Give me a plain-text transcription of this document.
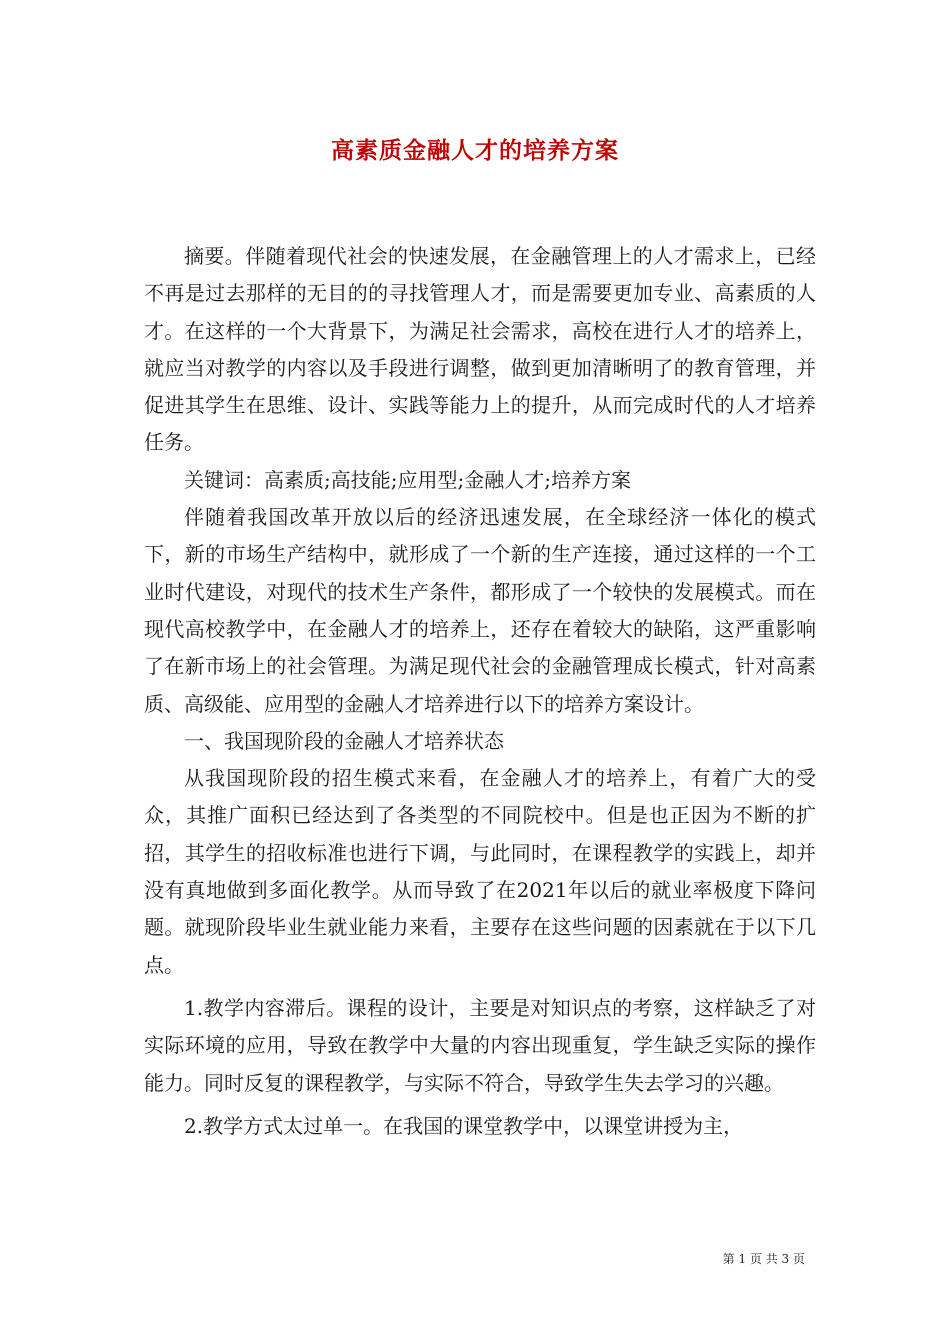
高素质金融人才的培养方案

摘要。伴随着现代社会的快速发展，在金融管理上的人才需求上，已经不再是过去那样的无目的的寻找管理人才，而是需要更加专业、高素质的人才。在这样的一个大背景下，为满足社会需求，高校在进行人才的培养上，就应当对教学的内容以及手段进行调整，做到更加清晰明了的教育管理，并促进其学生在思维、设计、实践等能力上的提升，从而完成时代的人才培养任务。

关键词：高素质;高技能;应用型;金融人才;培养方案

伴随着我国改革开放以后的经济迅速发展，在全球经济一体化的模式下，新的市场生产结构中，就形成了一个新的生产连接，通过这样的一个工业时代建设，对现代的技术生产条件，都形成了一个较快的发展模式。而在现代高校教学中，在金融人才的培养上，还存在着较大的缺陷，这严重影响了在新市场上的社会管理。为满足现代社会的金融管理成长模式，针对高素质、高级能、应用型的金融人才培养进行以下的培养方案设计。

一、我国现阶段的金融人才培养状态

从我国现阶段的招生模式来看，在金融人才的培养上，有着广大的受众，其推广面积已经达到了各类型的不同院校中。但是也正因为不断的扩招，其学生的招收标准也进行下调，与此同时，在课程教学的实践上，却并没有真地做到多面化教学。从而导致了在2021年以后的就业率极度下降问题。就现阶段毕业生就业能力来看，主要存在这些问题的因素就在于以下几点。

1.教学内容滞后。课程的设计，主要是对知识点的考察，这样缺乏了对实际环境的应用，导致在教学中大量的内容出现重复，学生缺乏实际的操作能力。同时反复的课程教学，与实际不符合，导致学生失去学习的兴趣。

2.教学方式太过单一。在我国的课堂教学中，以课堂讲授为主，

第 1 页 共 3 页
